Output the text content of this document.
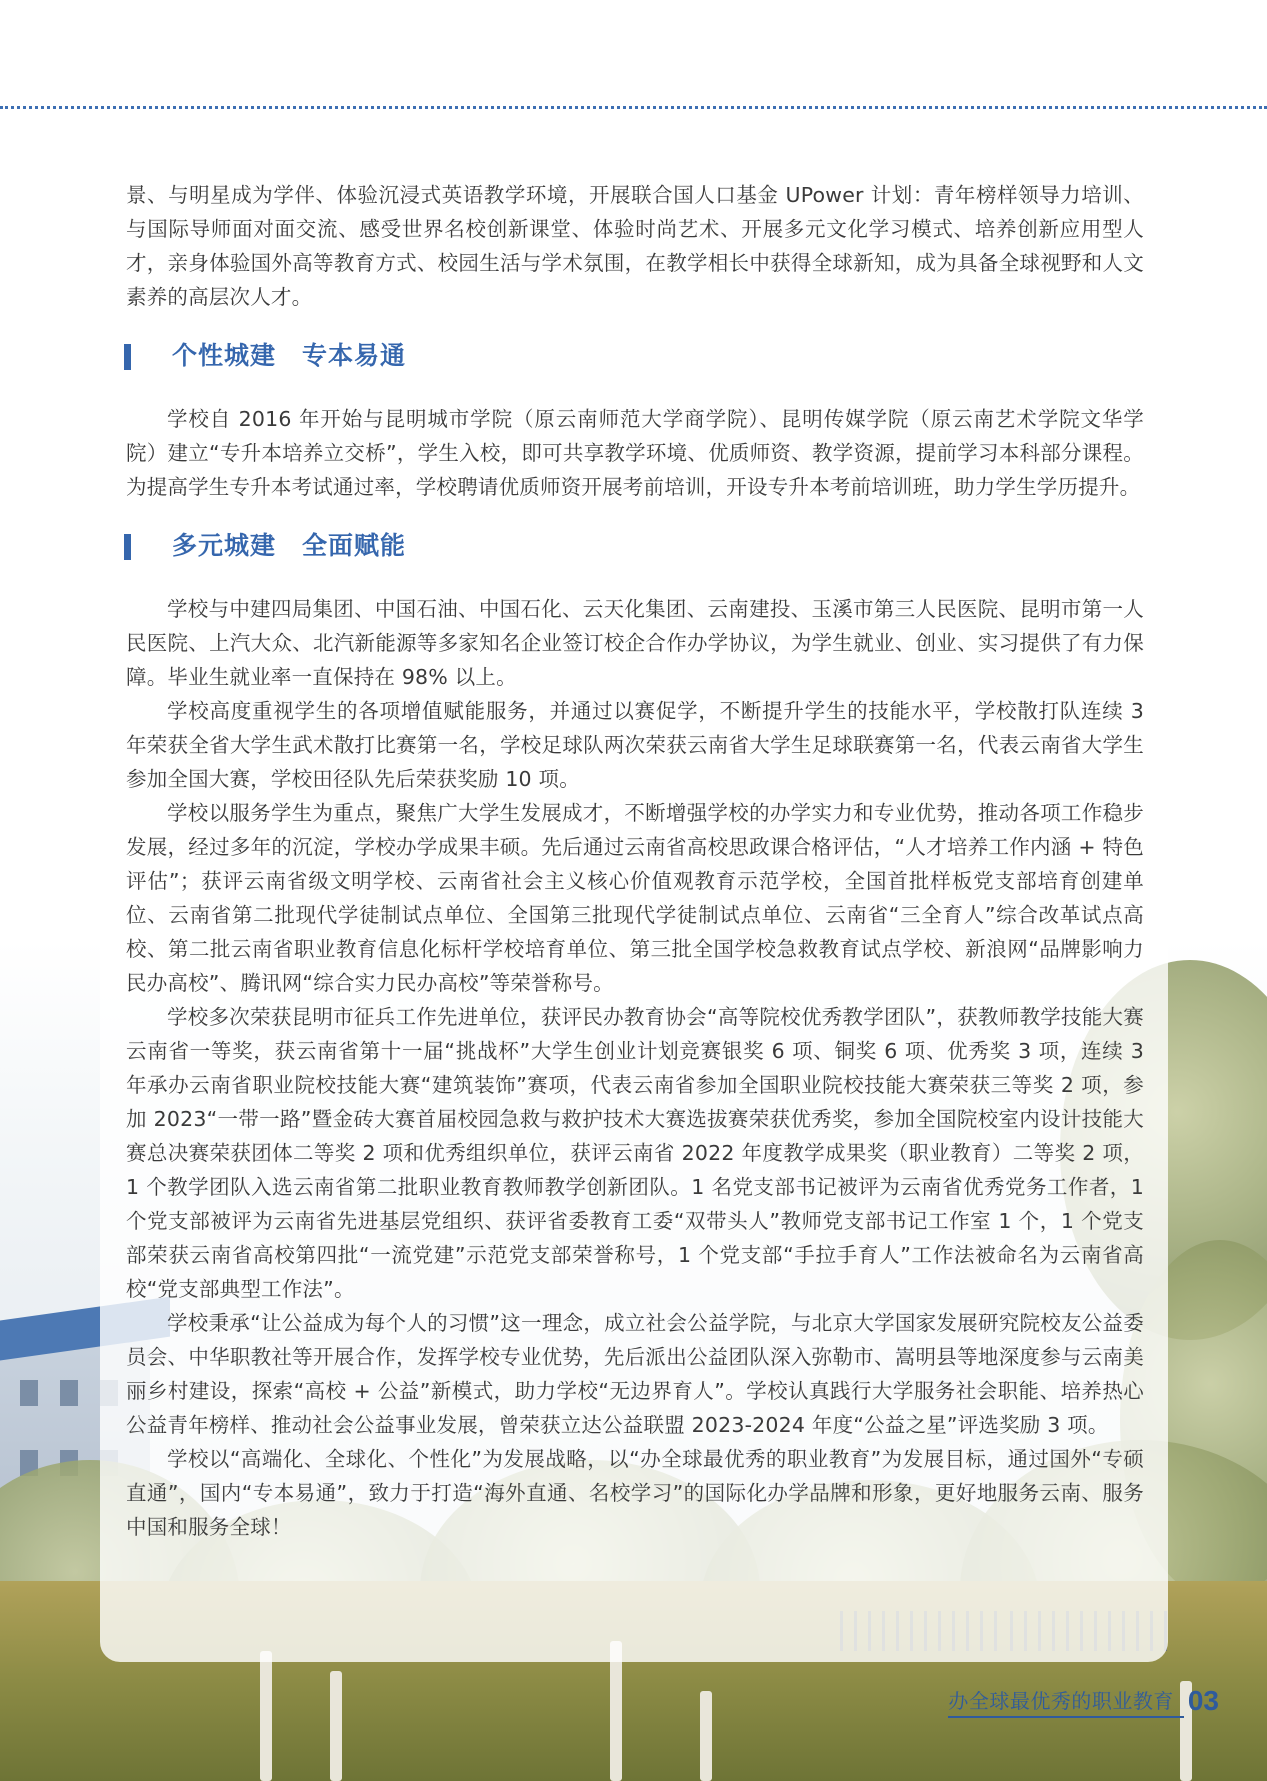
景、与明星成为学伴、体验沉浸式英语教学环境，开展联合国人口基金 UPower 计划：青年榜样领导力培训、与国际导师面对面交流、感受世界名校创新课堂、体验时尚艺术、开展多元文化学习模式、培养创新应用型人才，亲身体验国外高等教育方式、校园生活与学术氛围，在教学相长中获得全球新知，成为具备全球视野和人文素养的高层次人才。

个性城建　专本易通

学校自 2016 年开始与昆明城市学院（原云南师范大学商学院）、昆明传媒学院（原云南艺术学院文华学院）建立“专升本培养立交桥”，学生入校，即可共享教学环境、优质师资、教学资源，提前学习本科部分课程。为提高学生专升本考试通过率，学校聘请优质师资开展考前培训，开设专升本考前培训班，助力学生学历提升。

多元城建　全面赋能

学校与中建四局集团、中国石油、中国石化、云天化集团、云南建投、玉溪市第三人民医院、昆明市第一人民医院、上汽大众、北汽新能源等多家知名企业签订校企合作办学协议，为学生就业、创业、实习提供了有力保障。毕业生就业率一直保持在 98% 以上。

学校高度重视学生的各项增值赋能服务，并通过以赛促学，不断提升学生的技能水平，学校散打队连续 3 年荣获全省大学生武术散打比赛第一名，学校足球队两次荣获云南省大学生足球联赛第一名，代表云南省大学生参加全国大赛，学校田径队先后荣获奖励 10 项。

学校以服务学生为重点，聚焦广大学生发展成才，不断增强学校的办学实力和专业优势，推动各项工作稳步发展，经过多年的沉淀，学校办学成果丰硕。先后通过云南省高校思政课合格评估，“人才培养工作内涵 + 特色评估”；获评云南省级文明学校、云南省社会主义核心价值观教育示范学校，全国首批样板党支部培育创建单位、云南省第二批现代学徒制试点单位、全国第三批现代学徒制试点单位、云南省“三全育人”综合改革试点高校、第二批云南省职业教育信息化标杆学校培育单位、第三批全国学校急救教育试点学校、新浪网“品牌影响力民办高校”、腾讯网“综合实力民办高校”等荣誉称号。

学校多次荣获昆明市征兵工作先进单位，获评民办教育协会“高等院校优秀教学团队”，获教师教学技能大赛云南省一等奖，获云南省第十一届“挑战杯”大学生创业计划竞赛银奖 6 项、铜奖 6 项、优秀奖 3 项，连续 3 年承办云南省职业院校技能大赛“建筑装饰”赛项，代表云南省参加全国职业院校技能大赛荣获三等奖 2 项，参加 2023“一带一路”暨金砖大赛首届校园急救与救护技术大赛选拔赛荣获优秀奖，参加全国院校室内设计技能大赛总决赛荣获团体二等奖 2 项和优秀组织单位，获评云南省 2022 年度教学成果奖（职业教育）二等奖 2 项，1 个教学团队入选云南省第二批职业教育教师教学创新团队。1 名党支部书记被评为云南省优秀党务工作者，1 个党支部被评为云南省先进基层党组织、获评省委教育工委“双带头人”教师党支部书记工作室 1 个，1 个党支部荣获云南省高校第四批“一流党建”示范党支部荣誉称号，1 个党支部“手拉手育人”工作法被命名为云南省高校“党支部典型工作法”。

学校秉承“让公益成为每个人的习惯”这一理念，成立社会公益学院，与北京大学国家发展研究院校友公益委员会、中华职教社等开展合作，发挥学校专业优势，先后派出公益团队深入弥勒市、嵩明县等地深度参与云南美丽乡村建设，探索“高校 + 公益”新模式，助力学校“无边界育人”。学校认真践行大学服务社会职能、培养热心公益青年榜样、推动社会公益事业发展，曾荣获立达公益联盟 2023-2024 年度“公益之星”评选奖励 3 项。

学校以“高端化、全球化、个性化”为发展战略，以“办全球最优秀的职业教育”为发展目标，通过国外“专硕直通”，国内“专本易通”，致力于打造“海外直通、名校学习”的国际化办学品牌和形象，更好地服务云南、服务中国和服务全球！

办全球最优秀的职业教育 03
